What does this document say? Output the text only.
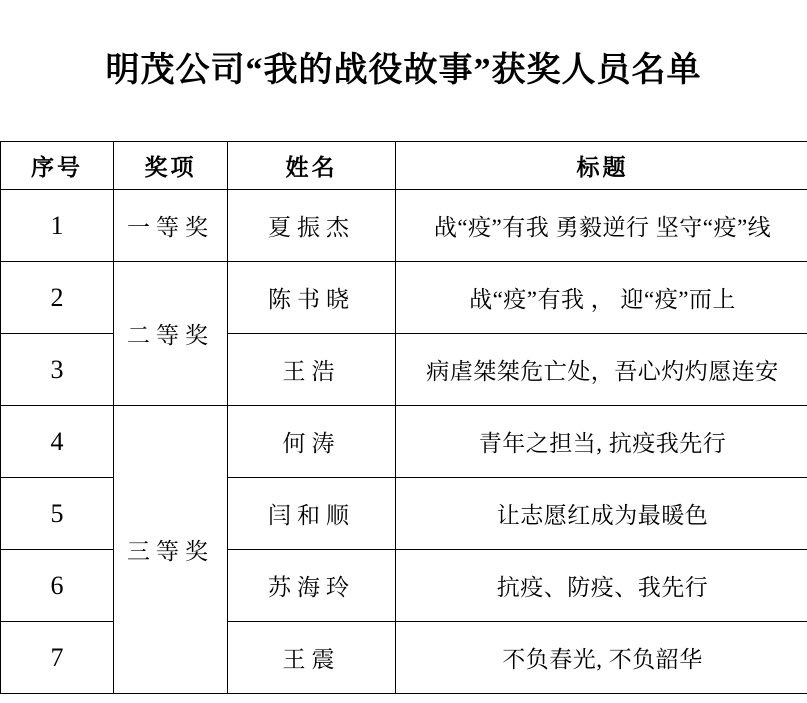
明茂公司“我的战役故事”获奖人员名单
序号	奖项	姓名	标题
1	一等奖	夏振杰	战“疫”有我 勇毅逆行 坚守“疫”线
2	二等奖	陈书晓	战“疫”有我 ， 迎“疫”而上
3		王浩	病虐桀桀危亡处，吾心灼灼愿连安
4	三等奖	何涛	青年之担当, 抗疫我先行
5		闫和顺	让志愿红成为最暖色
6		苏海玲	抗疫、防疫、我先行
7		王震	不负春光, 不负韶华
